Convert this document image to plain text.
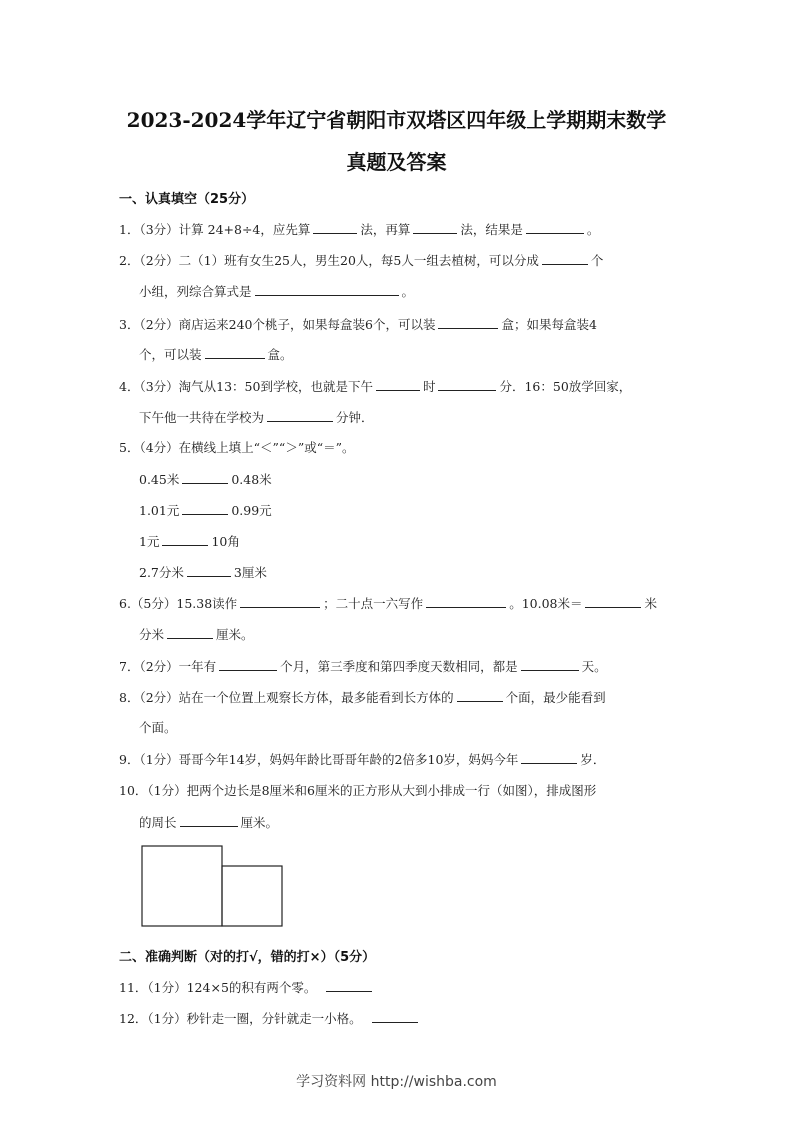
2023-2024学年辽宁省朝阳市双塔区四年级上学期期末数学
真题及答案
一、认真填空（25分）
1．（3分）计算 24+8÷4，应先算	法，再算	法，结果是	。
2．（2分）二（1）班有女生25人，男生20人，每5人一组去植树，可以分成	个
小组，列综合算式是	。
3．（2分）商店运来240个桃子，如果每盒装6个，可以装	盒；如果每盒装4
个，可以装	盒。
4．（3分）淘气从13：50到学校，也就是下午	时	分．16：50放学回家，
下午他一共待在学校为	分钟．
5．（4分）在横线上填上“＜”“＞”或“＝”。
0.45米	0.48米
1.01元	0.99元
1元	10角
2.7分米	3厘米
6.（5分）15.38读作	；二十点一六写作	。10.08米＝	米
分米	厘米。
7．（2分）一年有	个月，第三季度和第四季度天数相同，都是	天。
8．（2分）站在一个位置上观察长方体，最多能看到长方体的	个面，最少能看到
个面。
9．（1分）哥哥今年14岁，妈妈年龄比哥哥年龄的2倍多10岁，妈妈今年	岁．
10．（1分）把两个边长是8厘米和6厘米的正方形从大到小排成一行（如图），排成图形
的周长	厘米。
二、准确判断（对的打√，错的打×）（5分）
11．（1分）124×5的积有两个零。
12．（1分）秒针走一圈，分针就走一小格。
学习资料网 http://wishba.com
